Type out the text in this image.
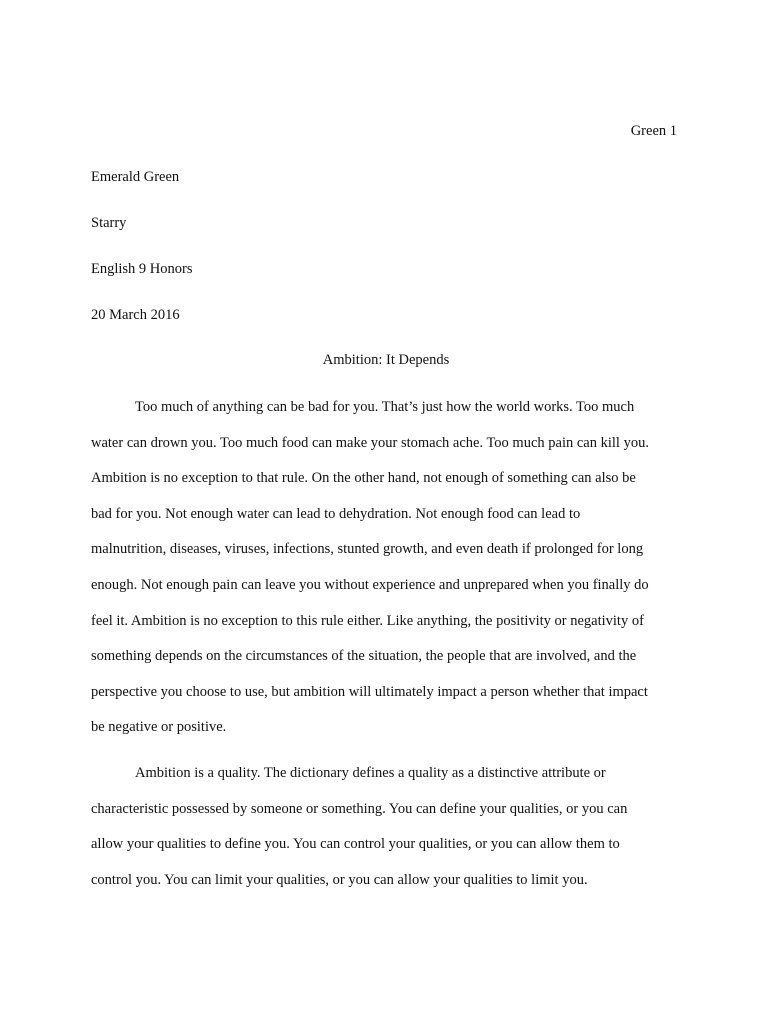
Green 1
Emerald Green
Starry
English 9 Honors
20 March 2016
Ambition: It Depends
Too much of anything can be bad for you. That’s just how the world works. Too much
water can drown you. Too much food can make your stomach ache. Too much pain can kill you.
Ambition is no exception to that rule. On the other hand, not enough of something can also be
bad for you. Not enough water can lead to dehydration. Not enough food can lead to
malnutrition, diseases, viruses, infections, stunted growth, and even death if prolonged for long
enough. Not enough pain can leave you without experience and unprepared when you finally do
feel it. Ambition is no exception to this rule either. Like anything, the positivity or negativity of
something depends on the circumstances of the situation, the people that are involved, and the
perspective you choose to use, but ambition will ultimately impact a person whether that impact
be negative or positive.
Ambition is a quality. The dictionary defines a quality as a distinctive attribute or
characteristic possessed by someone or something. You can define your qualities, or you can
allow your qualities to define you. You can control your qualities, or you can allow them to
control you. You can limit your qualities, or you can allow your qualities to limit you.
